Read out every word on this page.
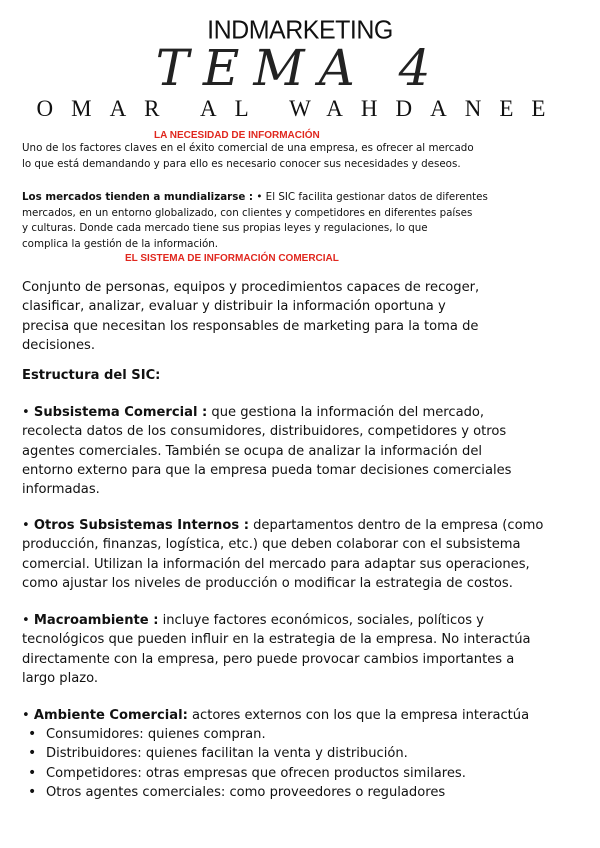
INDMARKETING
TEMA 4
OMAR AL WAHDANEE
LA NECESIDAD DE INFORMACIÓN
Uno de los factores claves en el éxito comercial de una empresa, es ofrecer al mercado
lo que está demandando y para ello es necesario conocer sus necesidades y deseos.
Los mercados tienden a mundializarse : • El SIC facilita gestionar datos de diferentes
mercados, en un entorno globalizado, con clientes y competidores en diferentes países
y culturas. Donde cada mercado tiene sus propias leyes y regulaciones, lo que
complica la gestión de la información.
EL SISTEMA DE INFORMACIÓN COMERCIAL
Conjunto de personas, equipos y procedimientos capaces de recoger,
clasificar, analizar, evaluar y distribuir la información oportuna y
precisa que necesitan los responsables de marketing para la toma de
decisiones.
Estructura del SIC:
• Subsistema Comercial : que gestiona la información del mercado,
recolecta datos de los consumidores, distribuidores, competidores y otros
agentes comerciales. También se ocupa de analizar la información del
entorno externo para que la empresa pueda tomar decisiones comerciales
informadas.
• Otros Subsistemas Internos : departamentos dentro de la empresa (como
producción, finanzas, logística, etc.) que deben colaborar con el subsistema
comercial. Utilizan la información del mercado para adaptar sus operaciones,
como ajustar los niveles de producción o modificar la estrategia de costos.
• Macroambiente : incluye factores económicos, sociales, políticos y
tecnológicos que pueden influir en la estrategia de la empresa. No interactúa
directamente con la empresa, pero puede provocar cambios importantes a
largo plazo.
• Ambiente Comercial: actores externos con los que la empresa interactúa
• Consumidores: quienes compran.
• Distribuidores: quienes facilitan la venta y distribución.
• Competidores: otras empresas que ofrecen productos similares.
• Otros agentes comerciales: como proveedores o reguladores
